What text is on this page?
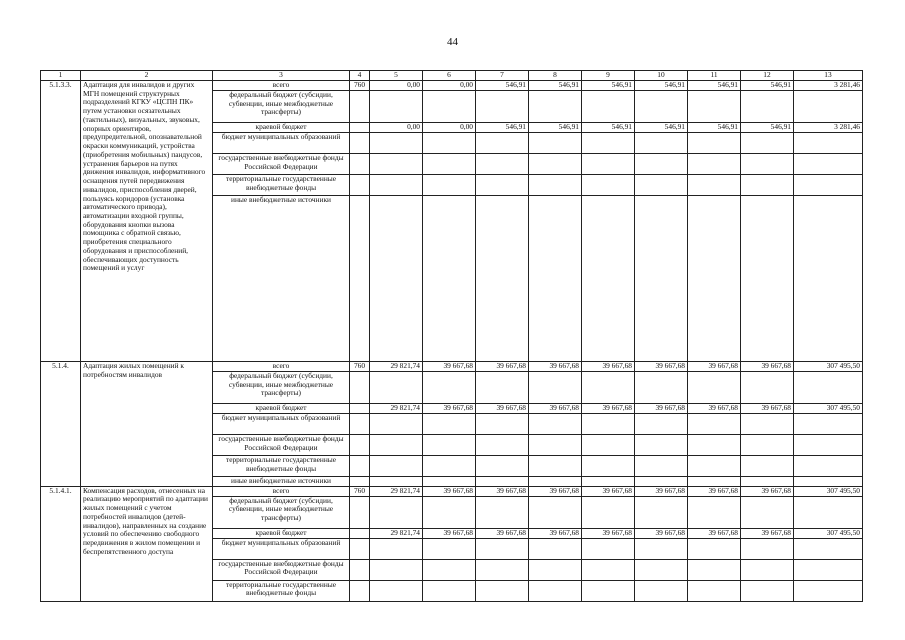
44
1	2	3	4	5	6	7	8	9	10	11	12	13
5.1.3.3.	Адаптация для инвалидов и других МГН помещений структурных подразделений КГКУ «ЦСПН ПК» путем установки осязательных (тактильных), визуальных, звуковых, опорных ориентиров, предупредительной, опознавательной окраски коммуникаций, устройства (приобретения мобильных) пандусов, устранения барьеров на путях движения инвалидов, информативного оснащения путей передвижения инвалидов, приспособления дверей, пользуясь коридоров (установка автоматического привода), автоматизации входной группы, оборудования кнопки вызова помощника с обратной связью, приобретения специального оборудования и приспособлений, обеспечивающих доступность помещений и услуг	всего	760	0,00	0,00	546,91	546,91	546,91	546,91	546,91	546,91	3 281,46
		федеральный бюджет (субсидии, субвенции, иные межбюджетные трансферты)										
		краевой бюджет		0,00	0,00	546,91	546,91	546,91	546,91	546,91	546,91	3 281,46
		бюджет муниципальных образований										
		государственные внебюджетные фонды Российской Федерации										
		территориальные государственные внебюджетные фонды										
		иные внебюджетные источники										
5.1.4.	Адаптация жилых помещений к потребностям инвалидов	всего	760	29 821,74	39 667,68	39 667,68	39 667,68	39 667,68	39 667,68	39 667,68	39 667,68	307 495,50
		федеральный бюджет (субсидии, субвенции, иные межбюджетные трансферты)										
		краевой бюджет		29 821,74	39 667,68	39 667,68	39 667,68	39 667,68	39 667,68	39 667,68	39 667,68	307 495,50
		бюджет муниципальных образований										
		государственные внебюджетные фонды Российской Федерации										
		территориальные государственные внебюджетные фонды										
		иные внебюджетные источники										
5.1.4.1.	Компенсация расходов, отнесенных на реализацию мероприятий по адаптации жилых помещений с учетом потребностей инвалидов (детей-инвалидов), направленных на создание условий по обеспечению свободного передвижения в жилом помещении и беспрепятственного доступа	всего	760	29 821,74	39 667,68	39 667,68	39 667,68	39 667,68	39 667,68	39 667,68	39 667,68	307 495,50
		федеральный бюджет (субсидии, субвенции, иные межбюджетные трансферты)										
		краевой бюджет		29 821,74	39 667,68	39 667,68	39 667,68	39 667,68	39 667,68	39 667,68	39 667,68	307 495,50
		бюджет муниципальных образований										
		государственные внебюджетные фонды Российской Федерации										
		территориальные государственные внебюджетные фонды										
